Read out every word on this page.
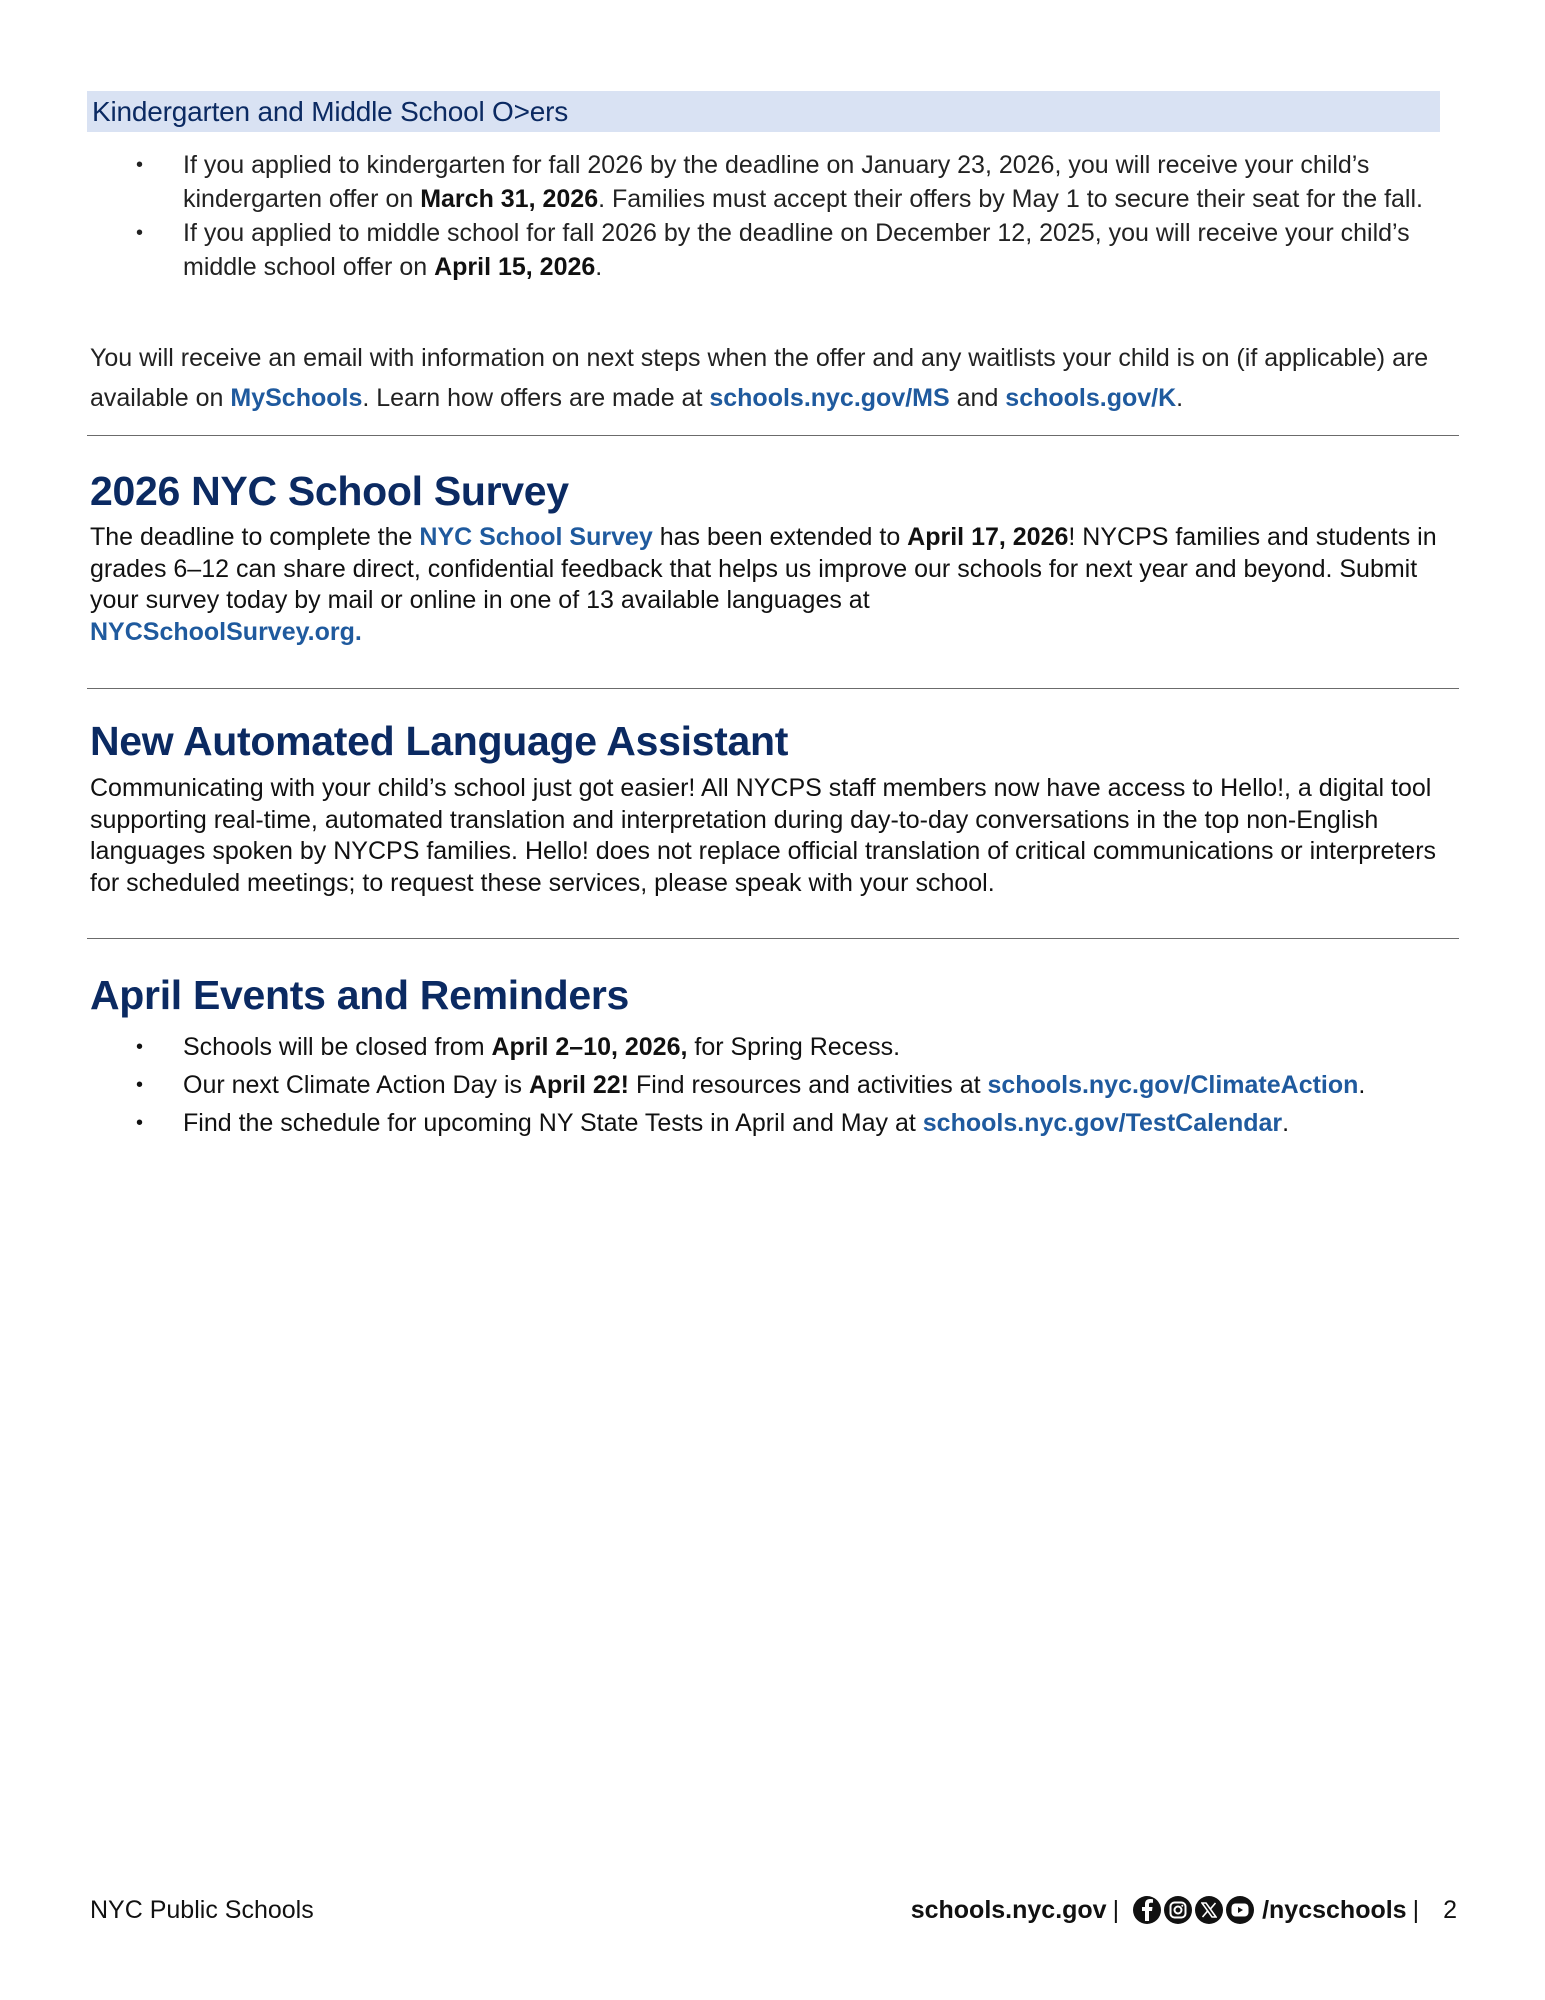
Kindergarten and Middle School O>ers
• If you applied to kindergarten for fall 2026 by the deadline on January 23, 2026, you will receive your child’s kindergarten offer on March 31, 2026. Families must accept their offers by May 1 to secure their seat for the fall.
• If you applied to middle school for fall 2026 by the deadline on December 12, 2025, you will receive your child’s middle school offer on April 15, 2026.

You will receive an email with information on next steps when the offer and any waitlists your child is on (if applicable) are available on MySchools. Learn how offers are made at schools.nyc.gov/MS and schools.gov/K.

2026 NYC School Survey

The deadline to complete the NYC School Survey has been extended to April 17, 2026! NYCPS families and students in grades 6–12 can share direct, confidential feedback that helps us improve our schools for next year and beyond. Submit your survey today by mail or online in one of 13 available languages at
NYCSchoolSurvey.org.

New Automated Language Assistant

Communicating with your child’s school just got easier! All NYCPS staff members now have access to Hello!, a digital tool supporting real-time, automated translation and interpretation during day-to-day conversations in the top non-English languages spoken by NYCPS families. Hello! does not replace official translation of critical communications or interpreters for scheduled meetings; to request these services, please speak with your school.

April Events and Reminders
• Schools will be closed from April 2–10, 2026, for Spring Recess.
• Our next Climate Action Day is April 22! Find resources and activities at schools.nyc.gov/ClimateAction.
• Find the schedule for upcoming NY State Tests in April and May at schools.nyc.gov/TestCalendar.
NYC Public Schools	schools.nyc.gov |	/nycschools | 2
